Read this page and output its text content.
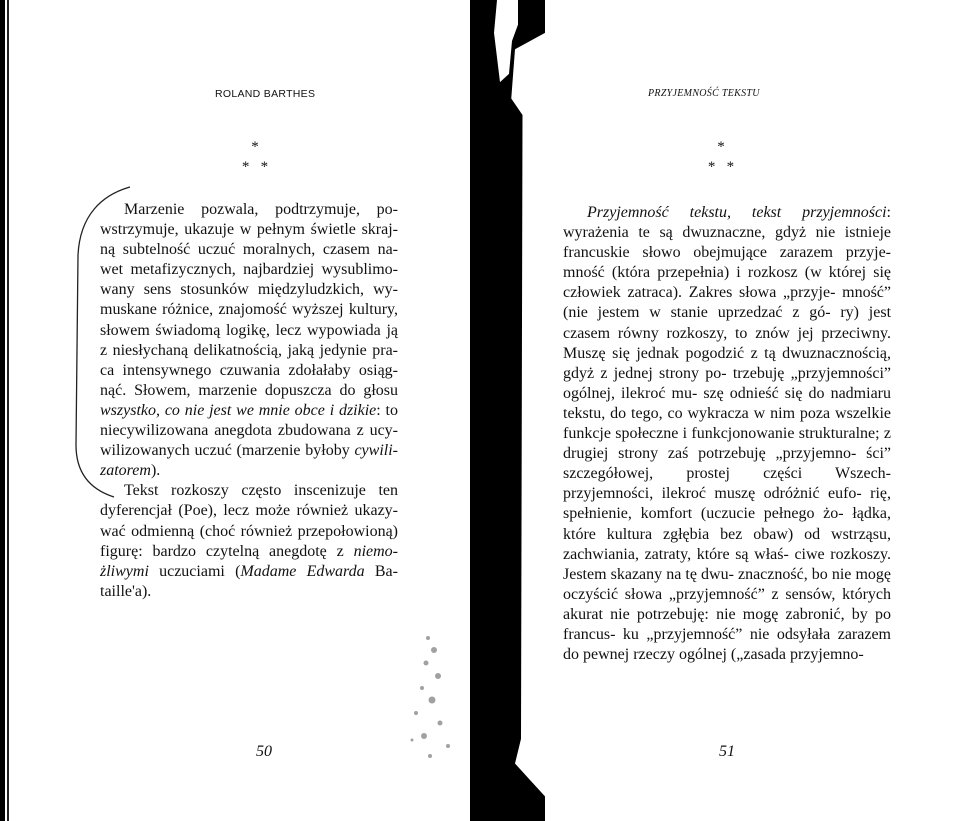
ROLAND BARTHES
*
*   *

Marzenie pozwala, podtrzymuje, po- wstrzymuje, ukazuje w pełnym świetle skraj- ną subtelność uczuć moralnych, czasem na- wet metafizycznych, najbardziej wysublimo- wany sens stosunków międzyludzkich, wy- muskane różnice, znajomość wyższej kultury, słowem świadomą logikę, lecz wypowiada ją z niesłychaną delikatnością, jaką jedynie pra- ca intensywnego czuwania zdołałaby osiąg- nąć. Słowem, marzenie dopuszcza do głosu wszystko, co nie jest we mnie obce i dzikie: to niecywilizowana anegdota zbudowana z ucy- wilizowanych uczuć (marzenie byłoby cywili-zatorem).

Tekst rozkoszy często inscenizuje ten dyferencjał (Poe), lecz może również ukazy- wać odmienną (choć również przepołowioną) figurę: bardzo czytelną anegdotę z niemo-żliwymi uczuciami (Madame Edwarda Ba- taille'a).

50
PRZYJEMNOŚĆ TEKSTU
*
*   *

Przyjemność tekstu, tekst przyjemności: wyrażenia te są dwuznaczne, gdyż nie istnieje francuskie słowo obejmujące zarazem przyje- mność (która przepełnia) i rozkosz (w której się człowiek zatraca). Zakres słowa „przyje- mność” (nie jestem w stanie uprzedzać z gó- ry) jest czasem równy rozkoszy, to znów jej przeciwny. Muszę się jednak pogodzić z tą dwuznacznością, gdyż z jednej strony po- trzebuję „przyjemności” ogólnej, ilekroć mu- szę odnieść się do nadmiaru tekstu, do tego, co wykracza w nim poza wszelkie funkcje społeczne i funkcjonowanie strukturalne; z drugiej strony zaś potrzebuję „przyjemno- ści” szczegółowej, prostej części Wszech- przyjemności, ilekroć muszę odróżnić eufo- rię, spełnienie, komfort (uczucie pełnego żo- łądka, które kultura zgłębia bez obaw) od wstrząsu, zachwiania, zatraty, które są właś- ciwe rozkoszy. Jestem skazany na tę dwu- znaczność, bo nie mogę oczyścić słowa „przyjemność” z sensów, których akurat nie potrzebuję: nie mogę zabronić, by po francus- ku „przyjemność” nie odsyłała zarazem do pewnej rzeczy ogólnej („zasada przyjemno-

51
